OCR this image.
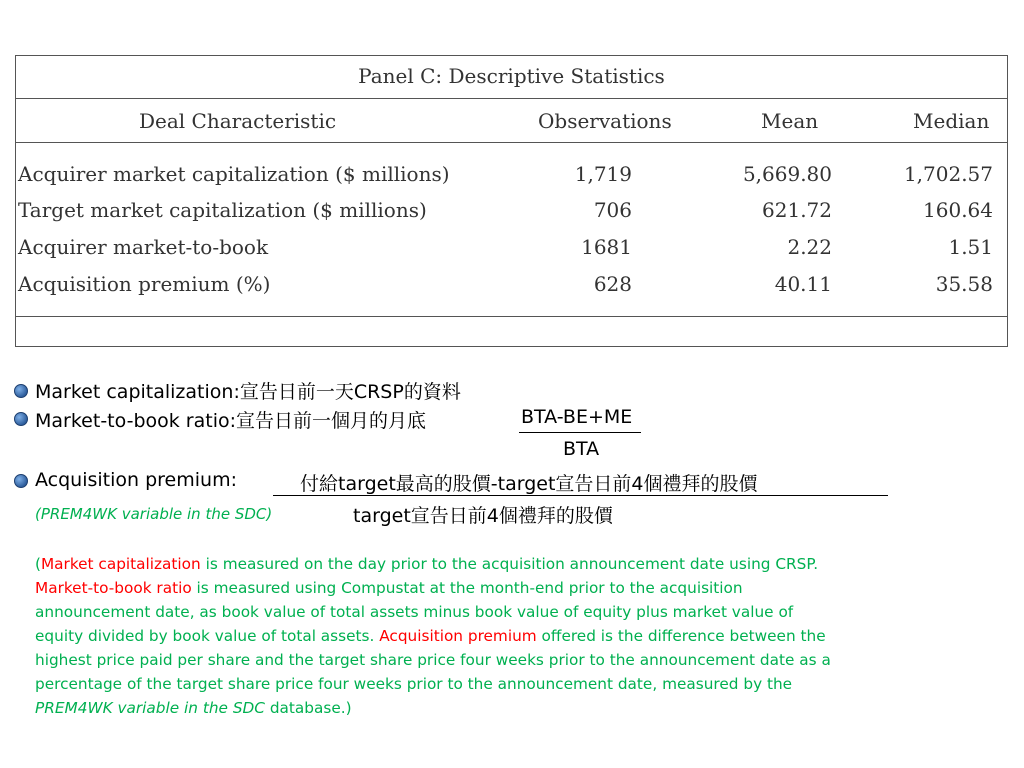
Panel C: Descriptive Statistics
Deal Characteristic	Observations	Mean	Median
Acquirer market capitalization ($ millions)	1,719	5,669.80	1,702.57
Target market capitalization ($ millions)	706	621.72	160.64
Acquirer market-to-book	1681	2.22	1.51
Acquisition premium (%)	628	40.11	35.58
Market capitalization:宣告日前一天CRSP的資料
Market-to-book ratio:宣告日前一個月的月底	BTA-BE+ME
BTA
Acquisition premium:	付給target最高的股價-target宣告日前4個禮拜的股價
(PREM4WK variable in the SDC)	target宣告日前4個禮拜的股價
(Market capitalization is measured on the day prior to the acquisition announcement date using CRSP. Market-to-book ratio is measured using Compustat at the month-end prior to the acquisition announcement date, as book value of total assets minus book value of equity plus market value of equity divided by book value of total assets. Acquisition premium offered is the difference between the highest price paid per share and the target share price four weeks prior to the announcement date as a percentage of the target share price four weeks prior to the announcement date, measured by the PREM4WK variable in the SDC database.)
